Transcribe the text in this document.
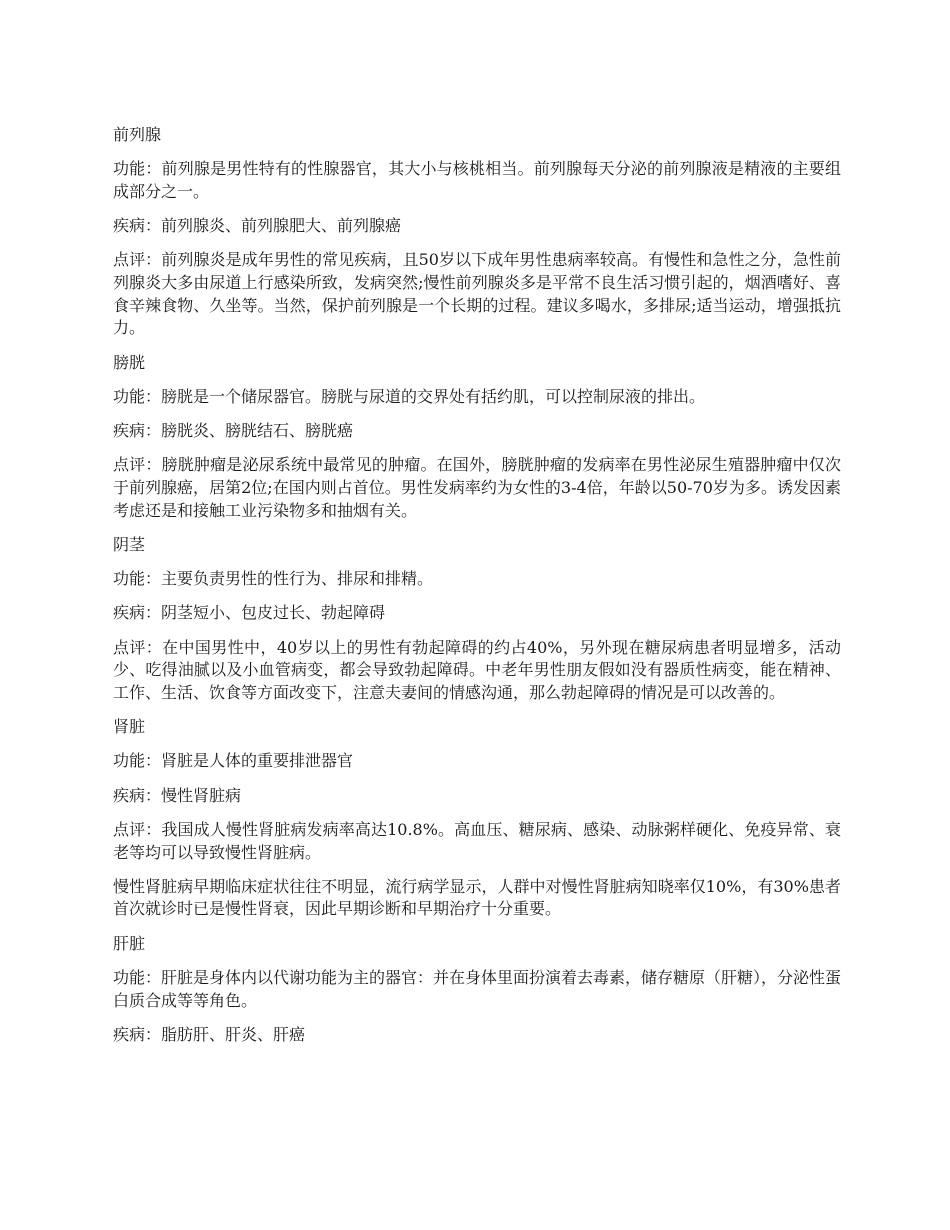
前列腺

功能：前列腺是男性特有的性腺器官，其大小与核桃相当。前列腺每天分泌的前列腺液是精液的主要组成部分之一。

疾病：前列腺炎、前列腺肥大、前列腺癌

点评：前列腺炎是成年男性的常见疾病，且50岁以下成年男性患病率较高。有慢性和急性之分，急性前列腺炎大多由尿道上行感染所致，发病突然;慢性前列腺炎多是平常不良生活习惯引起的，烟酒嗜好、喜食辛辣食物、久坐等。当然，保护前列腺是一个长期的过程。建议多喝水，多排尿;适当运动，增强抵抗力。

膀胱

功能：膀胱是一个储尿器官。膀胱与尿道的交界处有括约肌，可以控制尿液的排出。

疾病：膀胱炎、膀胱结石、膀胱癌

点评：膀胱肿瘤是泌尿系统中最常见的肿瘤。在国外，膀胱肿瘤的发病率在男性泌尿生殖器肿瘤中仅次于前列腺癌，居第2位;在国内则占首位。男性发病率约为女性的3-4倍，年龄以50-70岁为多。诱发因素考虑还是和接触工业污染物多和抽烟有关。

阴茎

功能：主要负责男性的性行为、排尿和排精。

疾病：阴茎短小、包皮过长、勃起障碍

点评：在中国男性中，40岁以上的男性有勃起障碍的约占40%，另外现在糖尿病患者明显增多，活动少、吃得油腻以及小血管病变，都会导致勃起障碍。中老年男性朋友假如没有器质性病变，能在精神、工作、生活、饮食等方面改变下，注意夫妻间的情感沟通，那么勃起障碍的情况是可以改善的。

肾脏

功能：肾脏是人体的重要排泄器官

疾病：慢性肾脏病

点评：我国成人慢性肾脏病发病率高达10.8%。高血压、糖尿病、感染、动脉粥样硬化、免疫异常、衰老等均可以导致慢性肾脏病。

慢性肾脏病早期临床症状往往不明显，流行病学显示，人群中对慢性肾脏病知晓率仅10%，有30%患者首次就诊时已是慢性肾衰，因此早期诊断和早期治疗十分重要。

肝脏

功能：肝脏是身体内以代谢功能为主的器官：并在身体里面扮演着去毒素，储存糖原（肝糖），分泌性蛋白质合成等等角色。

疾病：脂肪肝、肝炎、肝癌
